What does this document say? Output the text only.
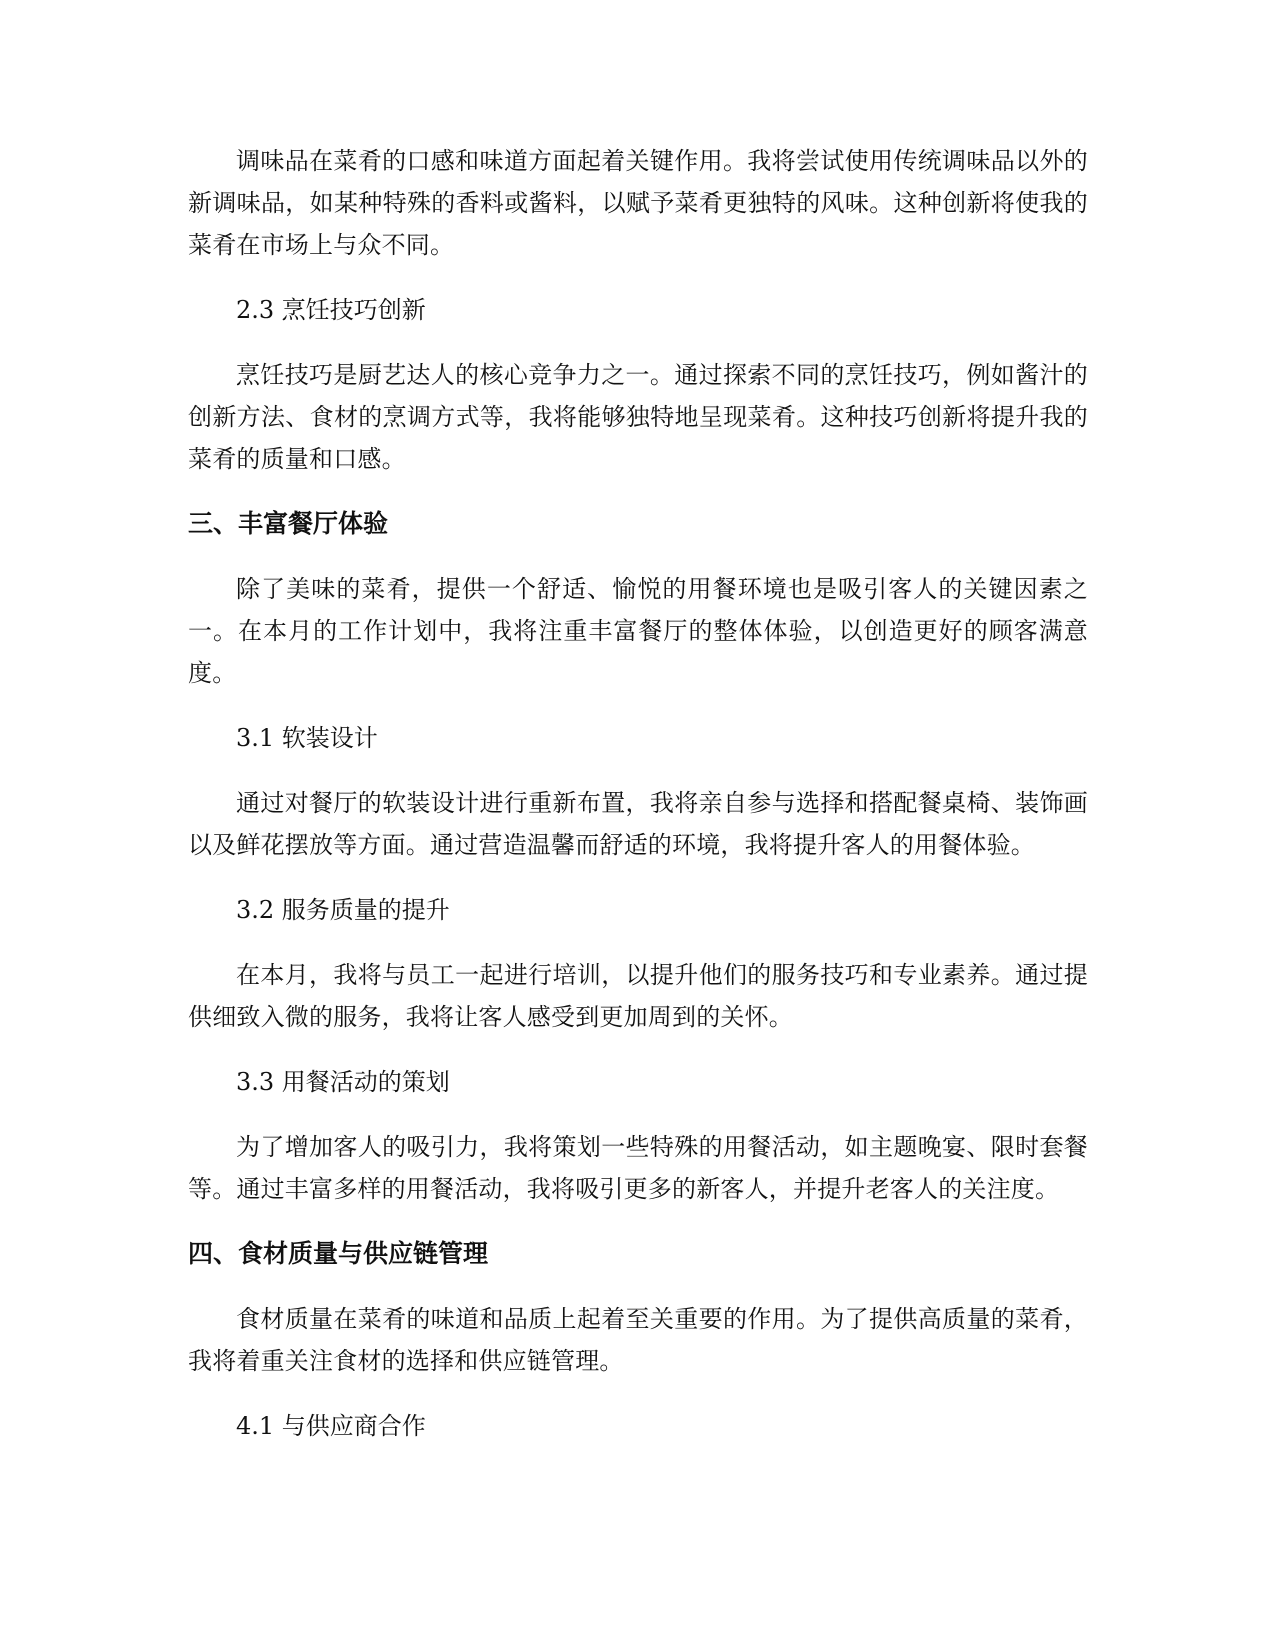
调味品在菜肴的口感和味道方面起着关键作用。我将尝试使用传统调味品以外的新调味品，如某种特殊的香料或酱料，以赋予菜肴更独特的风味。这种创新将使我的菜肴在市场上与众不同。

2.3 烹饪技巧创新

烹饪技巧是厨艺达人的核心竞争力之一。通过探索不同的烹饪技巧，例如酱汁的创新方法、食材的烹调方式等，我将能够独特地呈现菜肴。这种技巧创新将提升我的菜肴的质量和口感。

三、丰富餐厅体验

除了美味的菜肴，提供一个舒适、愉悦的用餐环境也是吸引客人的关键因素之一。在本月的工作计划中，我将注重丰富餐厅的整体体验，以创造更好的顾客满意度。

3.1 软装设计

通过对餐厅的软装设计进行重新布置，我将亲自参与选择和搭配餐桌椅、装饰画以及鲜花摆放等方面。通过营造温馨而舒适的环境，我将提升客人的用餐体验。

3.2 服务质量的提升

在本月，我将与员工一起进行培训，以提升他们的服务技巧和专业素养。通过提供细致入微的服务，我将让客人感受到更加周到的关怀。

3.3 用餐活动的策划

为了增加客人的吸引力，我将策划一些特殊的用餐活动，如主题晚宴、限时套餐等。通过丰富多样的用餐活动，我将吸引更多的新客人，并提升老客人的关注度。

四、食材质量与供应链管理

食材质量在菜肴的味道和品质上起着至关重要的作用。为了提供高质量的菜肴，我将着重关注食材的选择和供应链管理。

4.1 与供应商合作
